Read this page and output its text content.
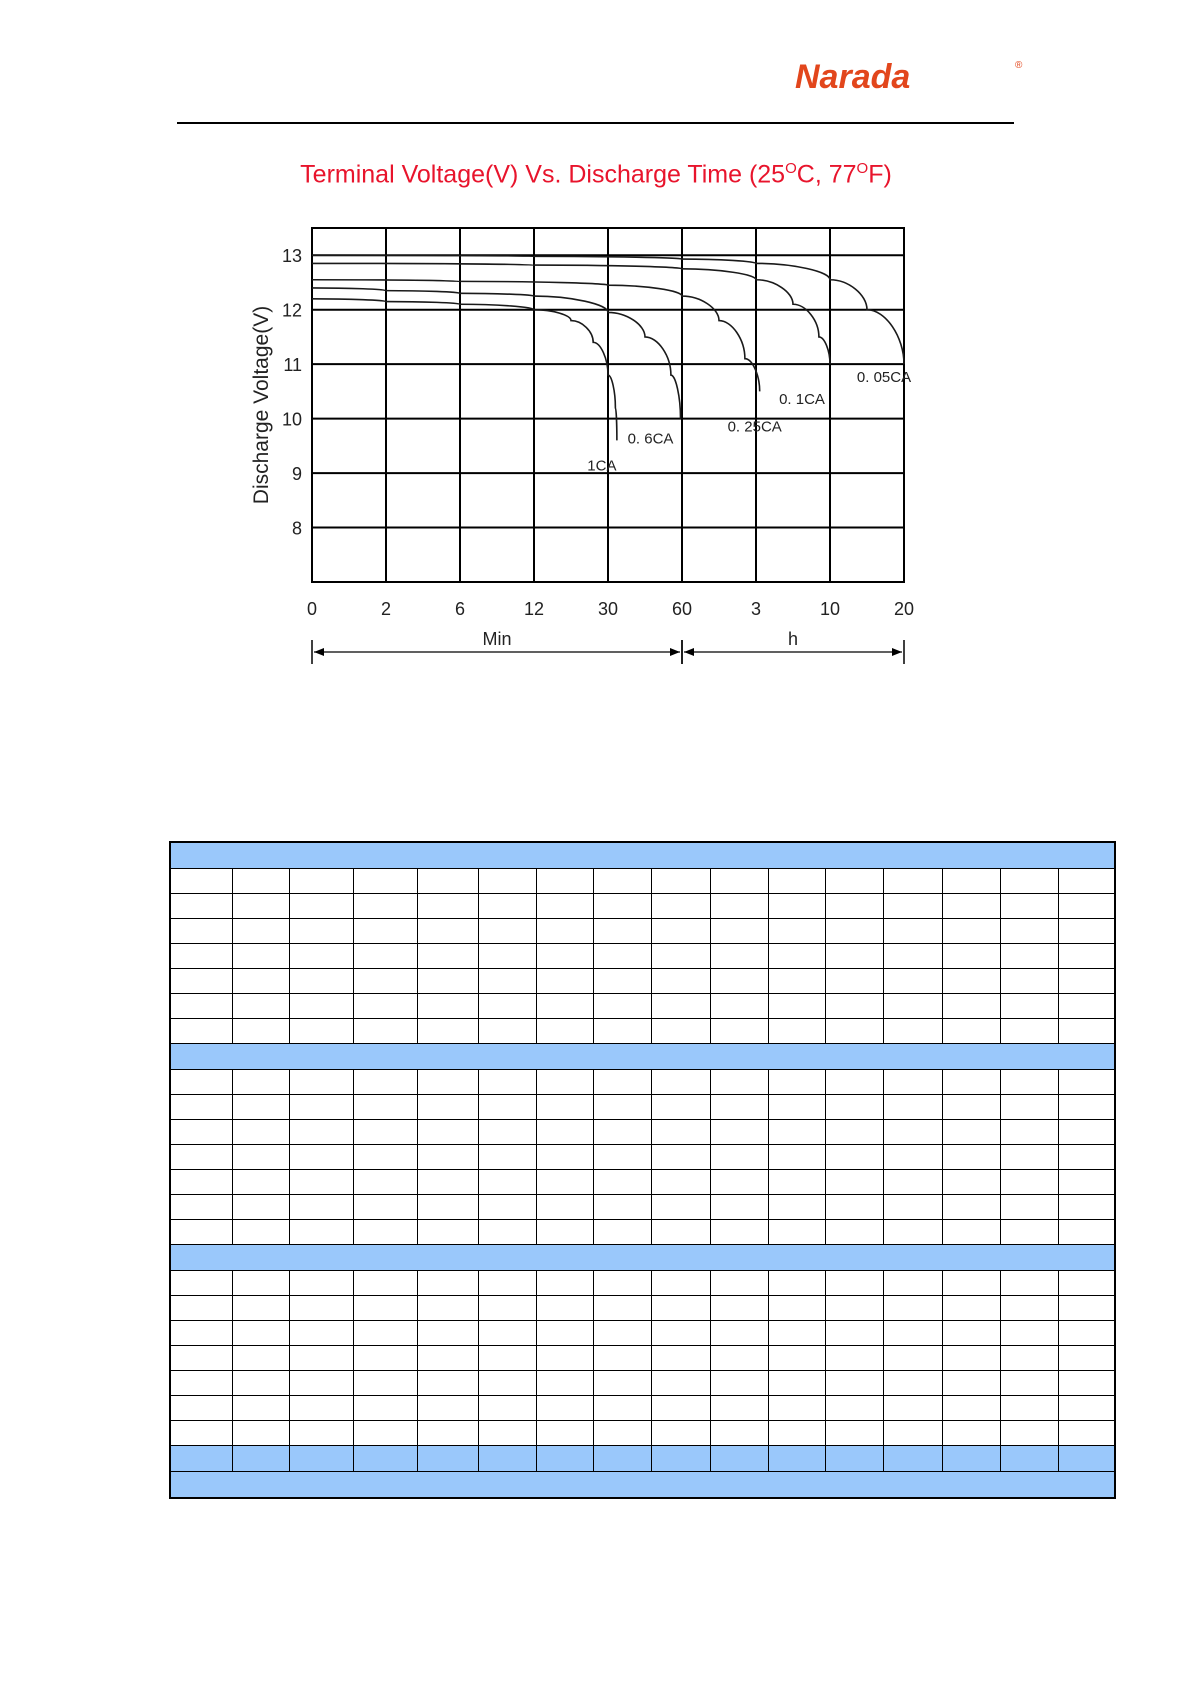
Narada	®
Terminal Voltage(V) Vs. Discharge Time ($25^OC$, $77^OF$)
Discharge Voltage(V)
8
9
10
11
12
13
0	2	6	12	30	60	3	10	20
1CA
0. 6CA
0. 25CA
0. 1CA
0. 05CA
Min	h
